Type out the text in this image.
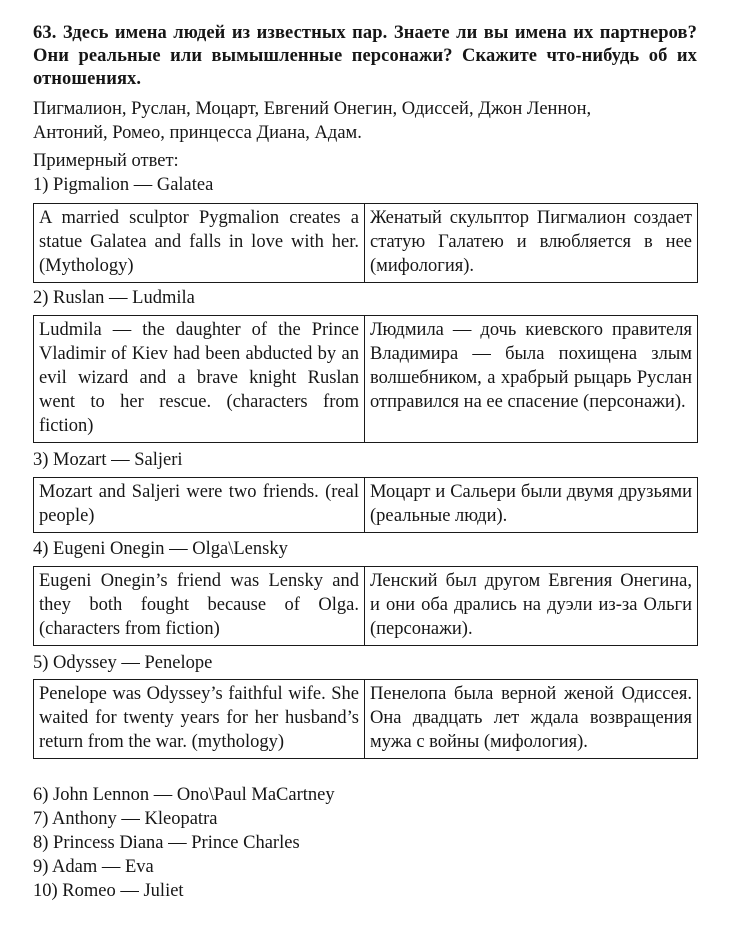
63. Здесь имена людей из известных пар. Знаете ли вы имена их партнеров? Они реальные или вымышленные персонажи? Скажите что-нибудь об их отношениях.
Пигмалион, Руслан, Моцарт, Евгений Онегин, Одиссей, Джон Леннон,
Антоний, Ромео, принцесса Диана, Адам.
Примерный ответ:
1) Pigmalion — Galatea
A married sculptor Pygmalion creates a statue Galatea and falls in love with her. (Mythology)	Женатый скульптор Пигмалион создает статую Галатею и влюбляется в нее (мифология).
2) Ruslan — Ludmila
Ludmila — the daughter of the Prince Vladimir of Kiev had been abducted by an evil wizard and a brave knight Ruslan went to her rescue. (characters from fiction)	Людмила — дочь киевского правителя Владимира — была похищена злым волшебником, а храбрый рыцарь Руслан отправился на ее спасение (персонажи).
3) Mozart — Saljeri
Mozart and Saljeri were two friends. (real people)	Моцарт и Сальери были двумя друзьями (реальные люди).
4) Eugeni Onegin — Olga\Lensky
Eugeni Onegin’s friend was Lensky and they both fought because of Olga. (characters from fiction)	Ленский был другом Евгения Онегина, и они оба дрались на дуэли из-за Ольги (персонажи).
5) Odyssey — Penelope
Penelope was Odyssey’s faithful wife. She waited for twenty years for her husband’s return from the war. (mythology)	Пенелопа была верной женой Одиссея. Она двадцать лет ждала возвращения мужа с войны (мифология).
6) John Lennon — Ono\Paul MaCartney
7) Anthony — Kleopatra
8) Princess Diana — Prince Charles
9) Adam — Eva
10) Romeo — Juliet
